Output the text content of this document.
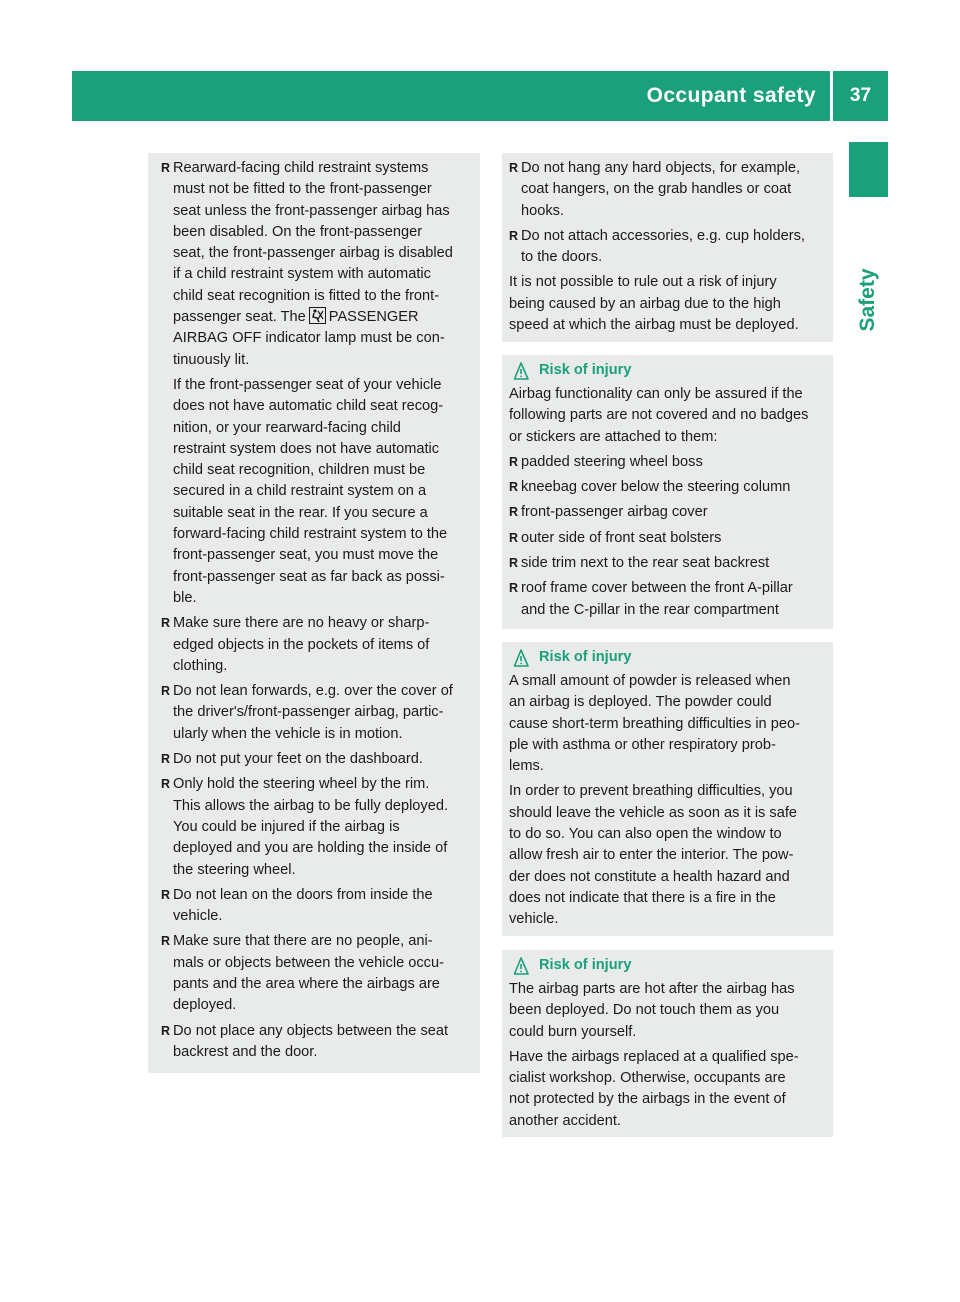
Occupant safety	37
Safety
R Rearward-facing child restraint systems
must not be fitted to the front-passenger
seat unless the front-passenger airbag has
been disabled. On the front-passenger
seat, the front-passenger airbag is disabled
if a child restraint system with automatic
child seat recognition is fitted to the front-
passenger seat. The PASSENGER
AIRBAG OFF indicator lamp must be con-
tinuously lit.
If the front-passenger seat of your vehicle
does not have automatic child seat recog-
nition, or your rearward-facing child
restraint system does not have automatic
child seat recognition, children must be
secured in a child restraint system on a
suitable seat in the rear. If you secure a
forward-facing child restraint system to the
front-passenger seat, you must move the
front-passenger seat as far back as possi-
ble.
R Make sure there are no heavy or sharp-
edged objects in the pockets of items of
clothing.
R Do not lean forwards, e.g. over the cover of
the driver's/front-passenger airbag, partic-
ularly when the vehicle is in motion.
R Do not put your feet on the dashboard.
R Only hold the steering wheel by the rim.
This allows the airbag to be fully deployed.
You could be injured if the airbag is
deployed and you are holding the inside of
the steering wheel.
R Do not lean on the doors from inside the
vehicle.
R Make sure that there are no people, ani-
mals or objects between the vehicle occu-
pants and the area where the airbags are
deployed.
R Do not place any objects between the seat
backrest and the door.
R Do not hang any hard objects, for example,
coat hangers, on the grab handles or coat
hooks.
R Do not attach accessories, e.g. cup holders,
to the doors.
It is not possible to rule out a risk of injury
being caused by an airbag due to the high
speed at which the airbag must be deployed.
Risk of injury
Airbag functionality can only be assured if the
following parts are not covered and no badges
or stickers are attached to them:
R padded steering wheel boss
R kneebag cover below the steering column
R front-passenger airbag cover
R outer side of front seat bolsters
R side trim next to the rear seat backrest
R roof frame cover between the front A-pillar
and the C-pillar in the rear compartment
Risk of injury
A small amount of powder is released when
an airbag is deployed. The powder could
cause short-term breathing difficulties in peo-
ple with asthma or other respiratory prob-
lems.
In order to prevent breathing difficulties, you
should leave the vehicle as soon as it is safe
to do so. You can also open the window to
allow fresh air to enter the interior. The pow-
der does not constitute a health hazard and
does not indicate that there is a fire in the
vehicle.
Risk of injury
The airbag parts are hot after the airbag has
been deployed. Do not touch them as you
could burn yourself.
Have the airbags replaced at a qualified spe-
cialist workshop. Otherwise, occupants are
not protected by the airbags in the event of
another accident.
